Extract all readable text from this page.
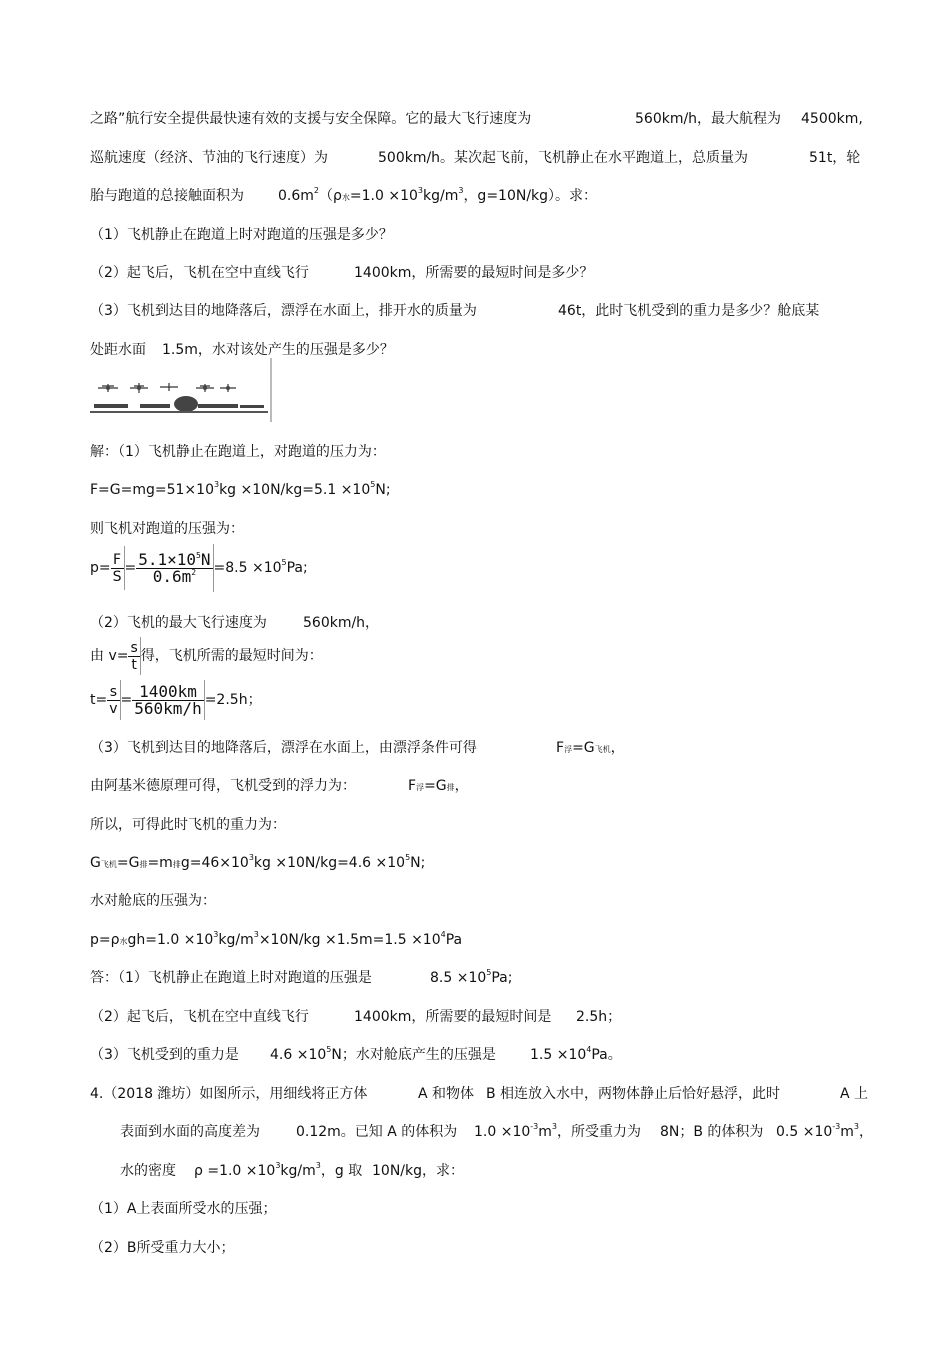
之路”航行安全提供最快速有效的支援与安全保障。它的最大飞行速度为	560km/h，最大航程为 4500km,
巡航速度（经济、节油的飞行速度）为	500km/h。某次起飞前，飞机静止在水平跑道上，总质量为	51t，轮
胎与跑道的总接触面积为 $0.6m^2(\rho$水$=1.0 \times 10^3kg/m^3$，g=10N/kg）。求：
（1）飞机静止在跑道上时对跑道的压强是多少？
（2）起飞后，飞机在空中直线飞行	1400km，所需要的最短时间是多少？
（3）飞机到达目的地降落后，漂浮在水面上，排开水的质量为	46t，此时飞机受到的重力是多少？舱底某
处距水面 1.5m，水对该处产生的压强是多少？
解：（1）飞机静止在跑道上，对跑道的压力为：
$F=G=mg=51\times 10^3kg \times 10N/kg=5.1 \times 10^5N$;
则飞机对跑道的压强为：
$p= \frac{F}{S} = \frac{5.1\times 10^5N}{0.6m^2} =8.5 \times 10^5Pa$;
（2）飞机的最大飞行速度为	560km/h，
由 $v= \frac{s}{t}$ 得，飞机所需的最短时间为：
$t= \frac{s}{v} = \frac{1400km}{560km/h} =2.5h$；
（3）飞机到达目的地降落后，漂浮在水面上，由漂浮条件可得	F浮=G飞机，
由阿基米德原理可得，飞机受到的浮力为：	F浮=G排，
所以，可得此时飞机的重力为：
G飞机=G排=m排$g=46\times 10^3kg \times 10N/kg=4.6 \times 10^5N$;
水对舱底的压强为：
p=ρ水$gh=1.0 \times 10^3kg/m^3\times 10N/kg \times 1.5m=1.5 \times 10^4Pa$
答：（1）飞机静止在跑道上时对跑道的压强是	$8.5 \times 10^5Pa$;
（2）起飞后，飞机在空中直线飞行	1400km，所需要的最短时间是 2.5h；
（3）飞机受到的重力是 $4.6 \times 10^5N$；水对舱底产生的压强是 $1.5 \times 10^4Pa$。
4.（2018 潍坊）如图所示，用细线将正方体	A 和物体 B 相连放入水中，两物体静止后恰好悬浮，此时	A 上
表面到水面的高度差为	0.12m。已知 A 的体积为 $1.0 \times 10^{-3}m^3$，所受重力为 8N；B 的体积为 $0.5 \times 10^{-3}m^3$，
水的密度 $\rho =1.0 \times 10^3kg/m^3$，g 取 10N/kg，求：
（1）A上表面所受水的压强；
（2）B所受重力大小；
